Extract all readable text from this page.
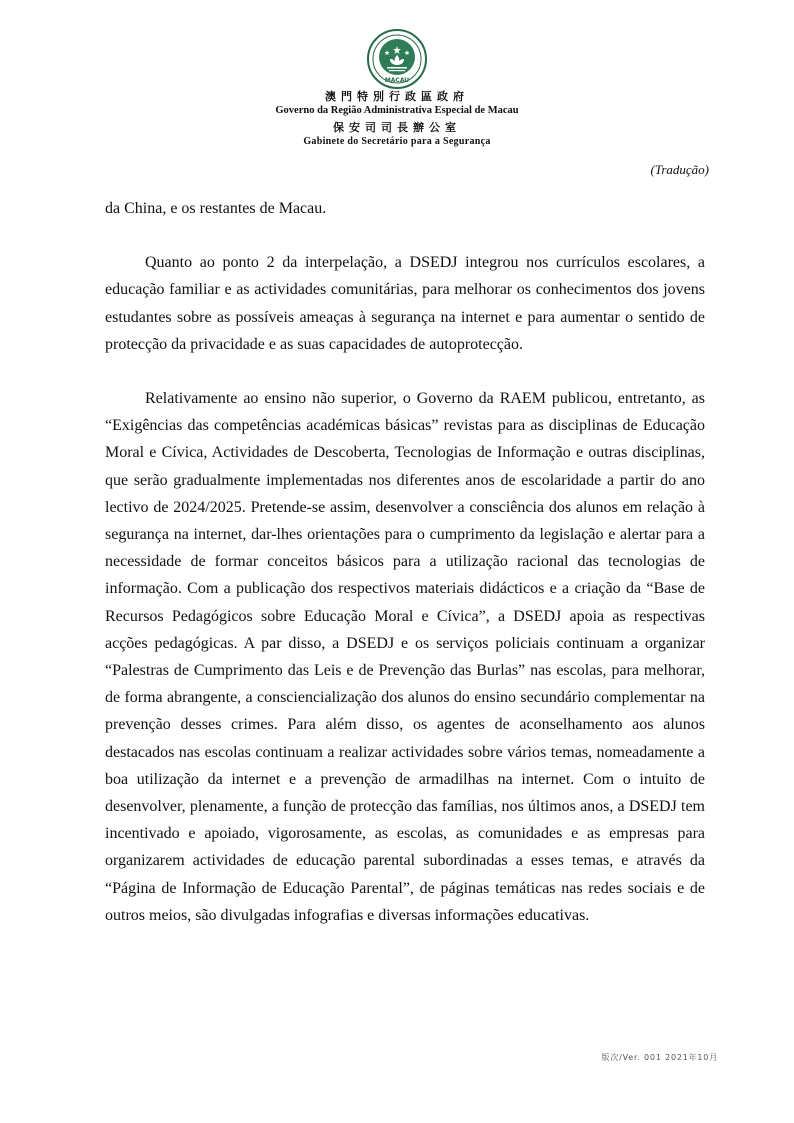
MACAU
澳門特別行政區政府
Governo da Região Administrativa Especial de Macau
保安司司長辦公室
Gabinete do Secretário para a Segurança
(Tradução)

da China, e os restantes de Macau.

Quanto ao ponto 2 da interpelação, a DSEDJ integrou nos currículos escolares, a educação familiar e as actividades comunitárias, para melhorar os conhecimentos dos jovens estudantes sobre as possíveis ameaças à segurança na internet e para aumentar o sentido de protecção da privacidade e as suas capacidades de autoprotecção.

Relativamente ao ensino não superior, o Governo da RAEM publicou, entretanto, as “Exigências das competências académicas básicas” revistas para as disciplinas de Educação Moral e Cívica, Actividades de Descoberta, Tecnologias de Informação e outras disciplinas, que serão gradualmente implementadas nos diferentes anos de escolaridade a partir do ano lectivo de 2024/2025. Pretende-se assim, desenvolver a consciência dos alunos em relação à segurança na internet, dar-lhes orientações para o cumprimento da legislação e alertar para a necessidade de formar conceitos básicos para a utilização racional das tecnologias de informação. Com a publicação dos respectivos materiais didácticos e a criação da “Base de Recursos Pedagógicos sobre Educação Moral e Cívica”, a DSEDJ apoia as respectivas acções pedagógicas. A par disso, a DSEDJ e os serviços policiais continuam a organizar “Palestras de Cumprimento das Leis e de Prevenção das Burlas” nas escolas, para melhorar, de forma abrangente, a consciencialização dos alunos do ensino secundário complementar na prevenção desses crimes. Para além disso, os agentes de aconselhamento aos alunos destacados nas escolas continuam a realizar actividades sobre vários temas, nomeadamente a boa utilização da internet e a prevenção de armadilhas na internet. Com o intuito de desenvolver, plenamente, a função de protecção das famílias, nos últimos anos, a DSEDJ tem incentivado e apoiado, vigorosamente, as escolas, as comunidades e as empresas para organizarem actividades de educação parental subordinadas a esses temas, e através da “Página de Informação de Educação Parental”, de páginas temáticas nas redes sociais e de outros meios, são divulgadas infografias e diversas informações educativas.

版次/Ver. 001 2021年10月
